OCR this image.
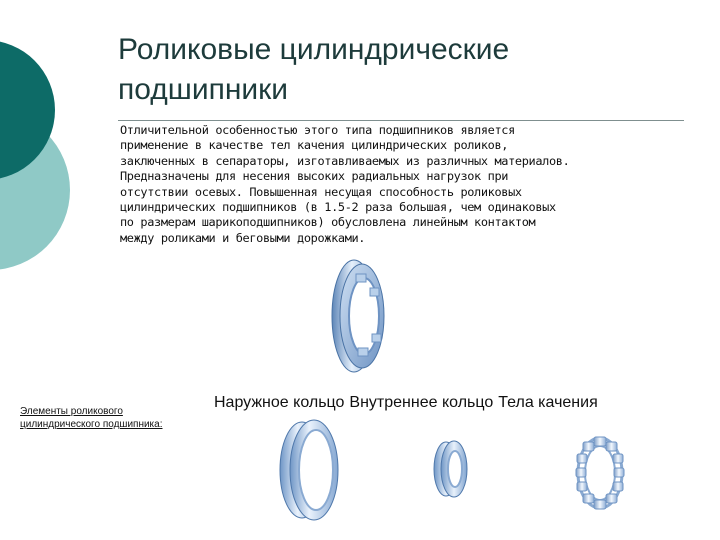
Роликовые цилиндрические
подшипники
Отличительной особенностью этого типа подшипников является
применение в качестве тел качения цилиндрических роликов,
заключенных в сепараторы, изготавливаемых из различных материалов.
Предназначены для несения высоких радиальных нагрузок при
отсутствии осевых. Повышенная несущая способность роликовых
цилиндрических подшипников (в 1.5-2 раза большая, чем одинаковых
по размерам шарикоподшипников) обусловлена линейным контактом
между роликами и беговыми дорожками.
Элементы роликового
цилиндрического подшипника:
Наружное кольцо Внутреннее кольцо Тела качения
